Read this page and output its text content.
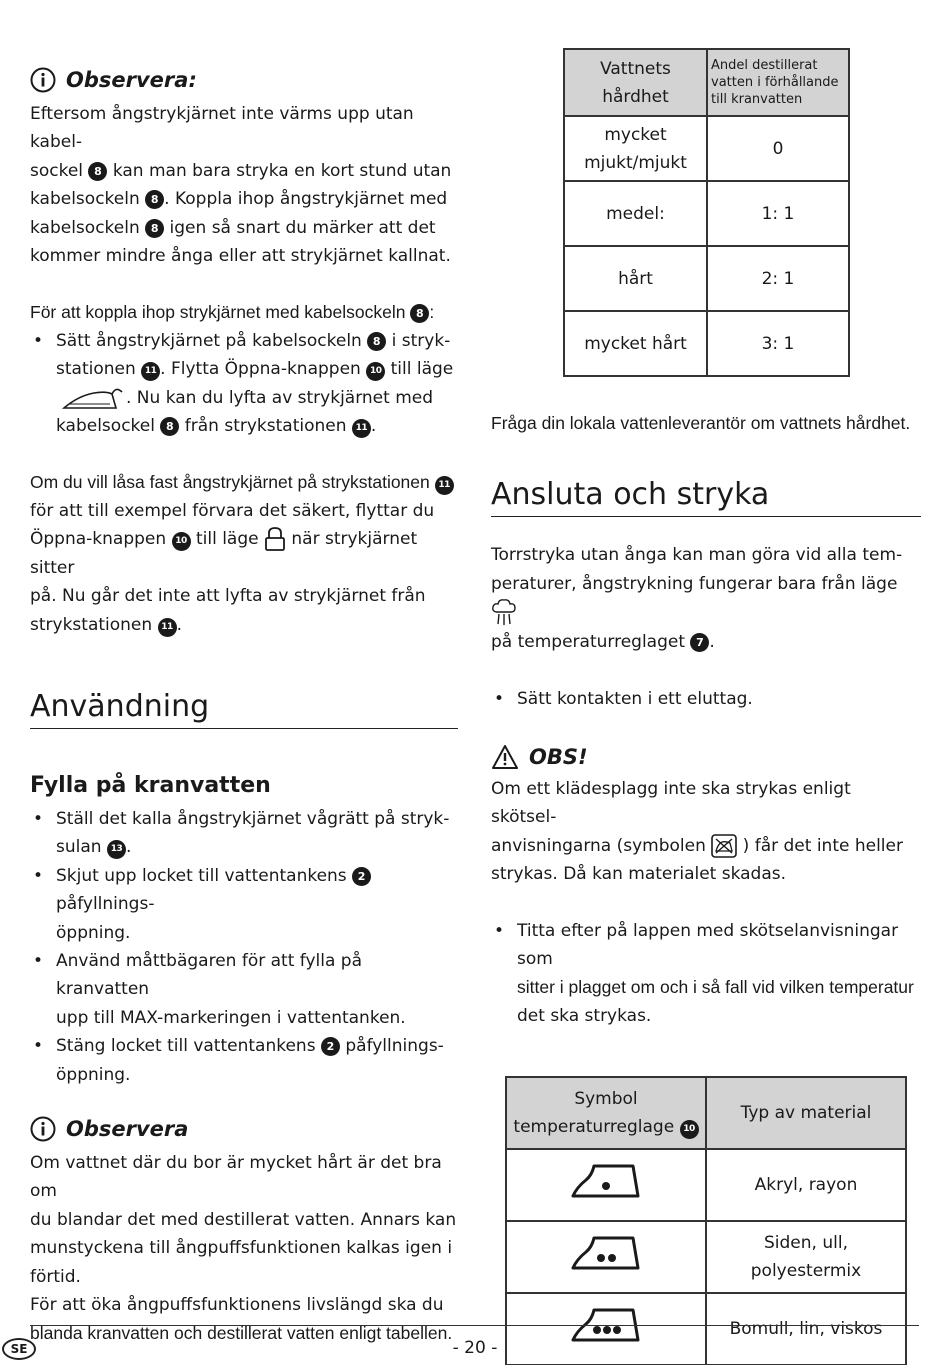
Observera:
Eftersom ångstrykjärnet inte värms upp utan kabel-
sockel 8 kan man bara stryka en kort stund utan
kabelsockeln 8 . Koppla ihop ångstrykjärnet med
kabelsockeln 8 igen så snart du märker att det
kommer mindre ånga eller att strykjärnet kallnat.
För att koppla ihop strykjärnet med kabelsockeln 8 :
• Sätt ångstrykjärnet på kabelsockeln 8 i stryk-
stationen 11 . Flytta Öppna-knappen 10 till läge
. Nu kan du lyfta av strykjärnet med
kabelsockel 8 från strykstationen 11 .
Om du vill låsa fast ångstrykjärnet på strykstationen 11
för att till exempel förvara det säkert, flyttar du
Öppna-knappen 10 till läge  när strykjärnet sitter
på. Nu går det inte att lyfta av strykjärnet från
strykstationen 11 .
Användning
Fylla på kranvatten
• Ställ det kalla ångstrykjärnet vågrätt på stryk-
sulan 13 .
• Skjut upp locket till vattentankens 2 påfyllnings-
öppning.
• Använd måttbägaren för att fylla på kranvatten
upp till MAX-markeringen i vattentanken.
• Stäng locket till vattentankens 2 påfyllnings-
öppning.
Observera
Om vattnet där du bor är mycket hårt är det bra om
du blandar det med destillerat vatten. Annars kan
munstyckena till ångpuffsfunktionen kalkas igen i
förtid.
För att öka ångpuffsfunktionens livslängd ska du
blanda kranvatten och destillerat vatten enligt tabellen.
Vattnets hårdhet	Andel destillerat vatten i förhållande till kranvatten

mycket
mjukt/mjukt	0
medel:	1: 1
hårt	2: 1
mycket hårt	3: 1
Fråga din lokala vattenleverantör om vattnets hårdhet.
Ansluta och stryka
Torrstryka utan ånga kan man göra vid alla tem-
peraturer, ångstrykning fungerar bara från läge
på temperaturreglaget 7 .
• Sätt kontakten i ett eluttag.
OBS!
Om ett klädesplagg inte ska strykas enligt skötsel-
anvisningarna (symbolen  ) får det inte heller
strykas. Då kan materialet skadas.
• Titta efter på lappen med skötselanvisningar som
sitter i plagget om och i så fall vid vilken temperatur
det ska strykas.
Symbol
temperaturreglage 10	Typ av material
	Akryl, rayon
	Siden, ull, polyestermix
	Bomull, lin, viskos
SE	- 20 -
